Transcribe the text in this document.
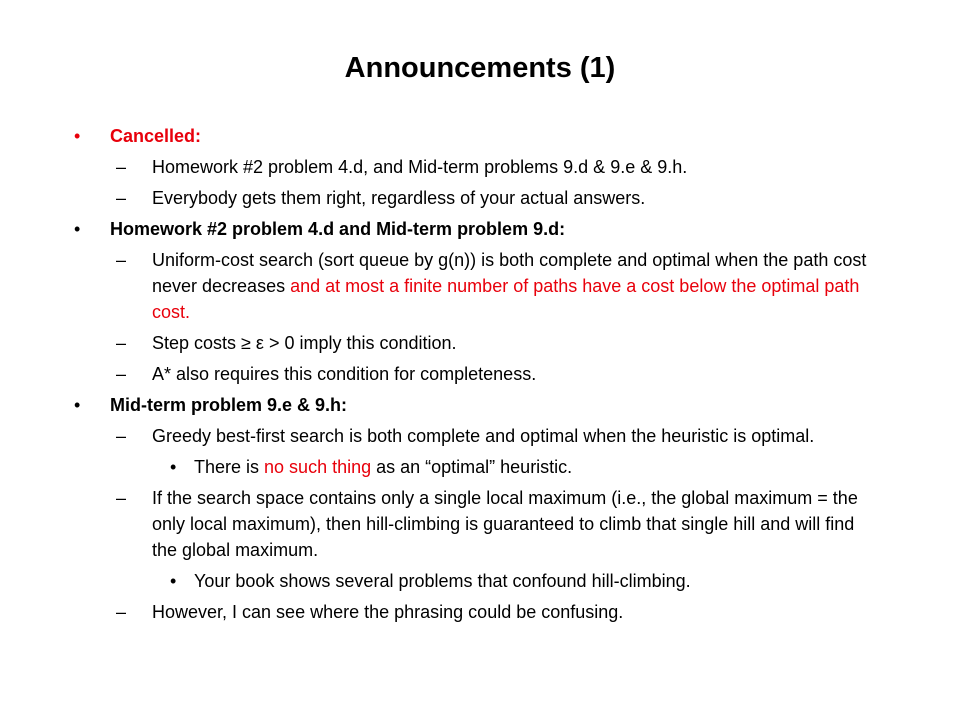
Announcements (1)
•	Cancelled:
–	Homework #2 problem 4.d, and Mid-term problems 9.d & 9.e & 9.h.
–	Everybody gets them right, regardless of your actual answers.
•	Homework #2 problem 4.d and Mid-term problem 9.d:
–	Uniform-cost search (sort queue by g(n)) is both complete and optimal when the path cost never decreases and at most a finite number of paths have a cost below the optimal path cost.
–	Step costs ≥ ε > 0 imply this condition.
–	A* also requires this condition for completeness.
•	Mid-term problem 9.e & 9.h:
–	Greedy best-first search is both complete and optimal when the heuristic is optimal.
• There is no such thing as an “optimal” heuristic.
–	If the search space contains only a single local maximum (i.e., the global maximum = the only local maximum), then hill-climbing is guaranteed to climb that single hill and will find the global maximum.
• Your book shows several problems that confound hill-climbing.
–	However, I can see where the phrasing could be confusing.
